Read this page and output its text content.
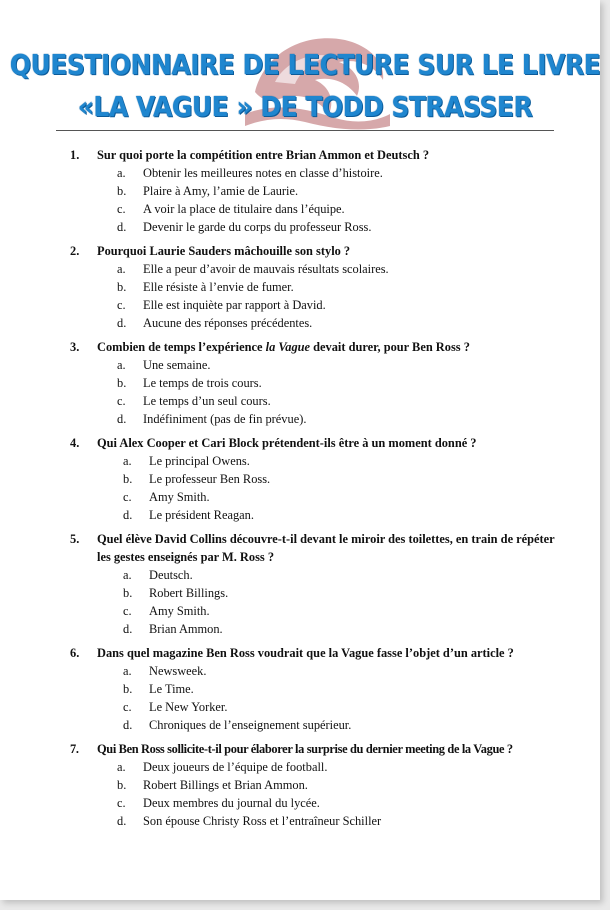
QUESTIONNAIRE DE LECTURE SUR LE LIVRE
«LA VAGUE » DE TODD STRASSER
1.	Sur quoi porte la compétition entre Brian Ammon et Deutsch ?
a.	Obtenir les meilleures notes en classe d’histoire.
b.	Plaire à Amy, l’amie de Laurie.
c.	A voir la place de titulaire dans l’équipe.
d.	Devenir le garde du corps du professeur Ross.
2.	Pourquoi Laurie Sauders mâchouille son stylo ?
a.	Elle a peur d’avoir de mauvais résultats scolaires.
b.	Elle résiste à l’envie de fumer.
c.	Elle est inquiète par rapport à David.
d.	Aucune des réponses précédentes.
3.	Combien de temps l’expérience la Vague devait durer, pour Ben Ross ?
a.	Une semaine.
b.	Le temps de trois cours.
c.	Le temps d’un seul cours.
d.	Indéfiniment (pas de fin prévue).
4.	Qui Alex Cooper et Cari Block prétendent-ils être à un moment donné ?
a.	Le principal Owens.
b.	Le professeur Ben Ross.
c.	Amy Smith.
d.	Le président Reagan.
5.	Quel élève David Collins découvre-t-il devant le miroir des toilettes, en train de répéter les gestes enseignés par M. Ross ?
a.	Deutsch.
b.	Robert Billings.
c.	Amy Smith.
d.	Brian Ammon.
6.	Dans quel magazine Ben Ross voudrait que la Vague fasse l’objet d’un article ?
a.	Newsweek.
b.	Le Time.
c.	Le New Yorker.
d.	Chroniques de l’enseignement supérieur.
7.	Qui Ben Ross sollicite-t-il pour élaborer la surprise du dernier meeting de la Vague ?
a.	Deux joueurs de l’équipe de football.
b.	Robert Billings et Brian Ammon.
c.	Deux membres du journal du lycée.
d.	Son épouse Christy Ross et l’entraîneur Schiller
